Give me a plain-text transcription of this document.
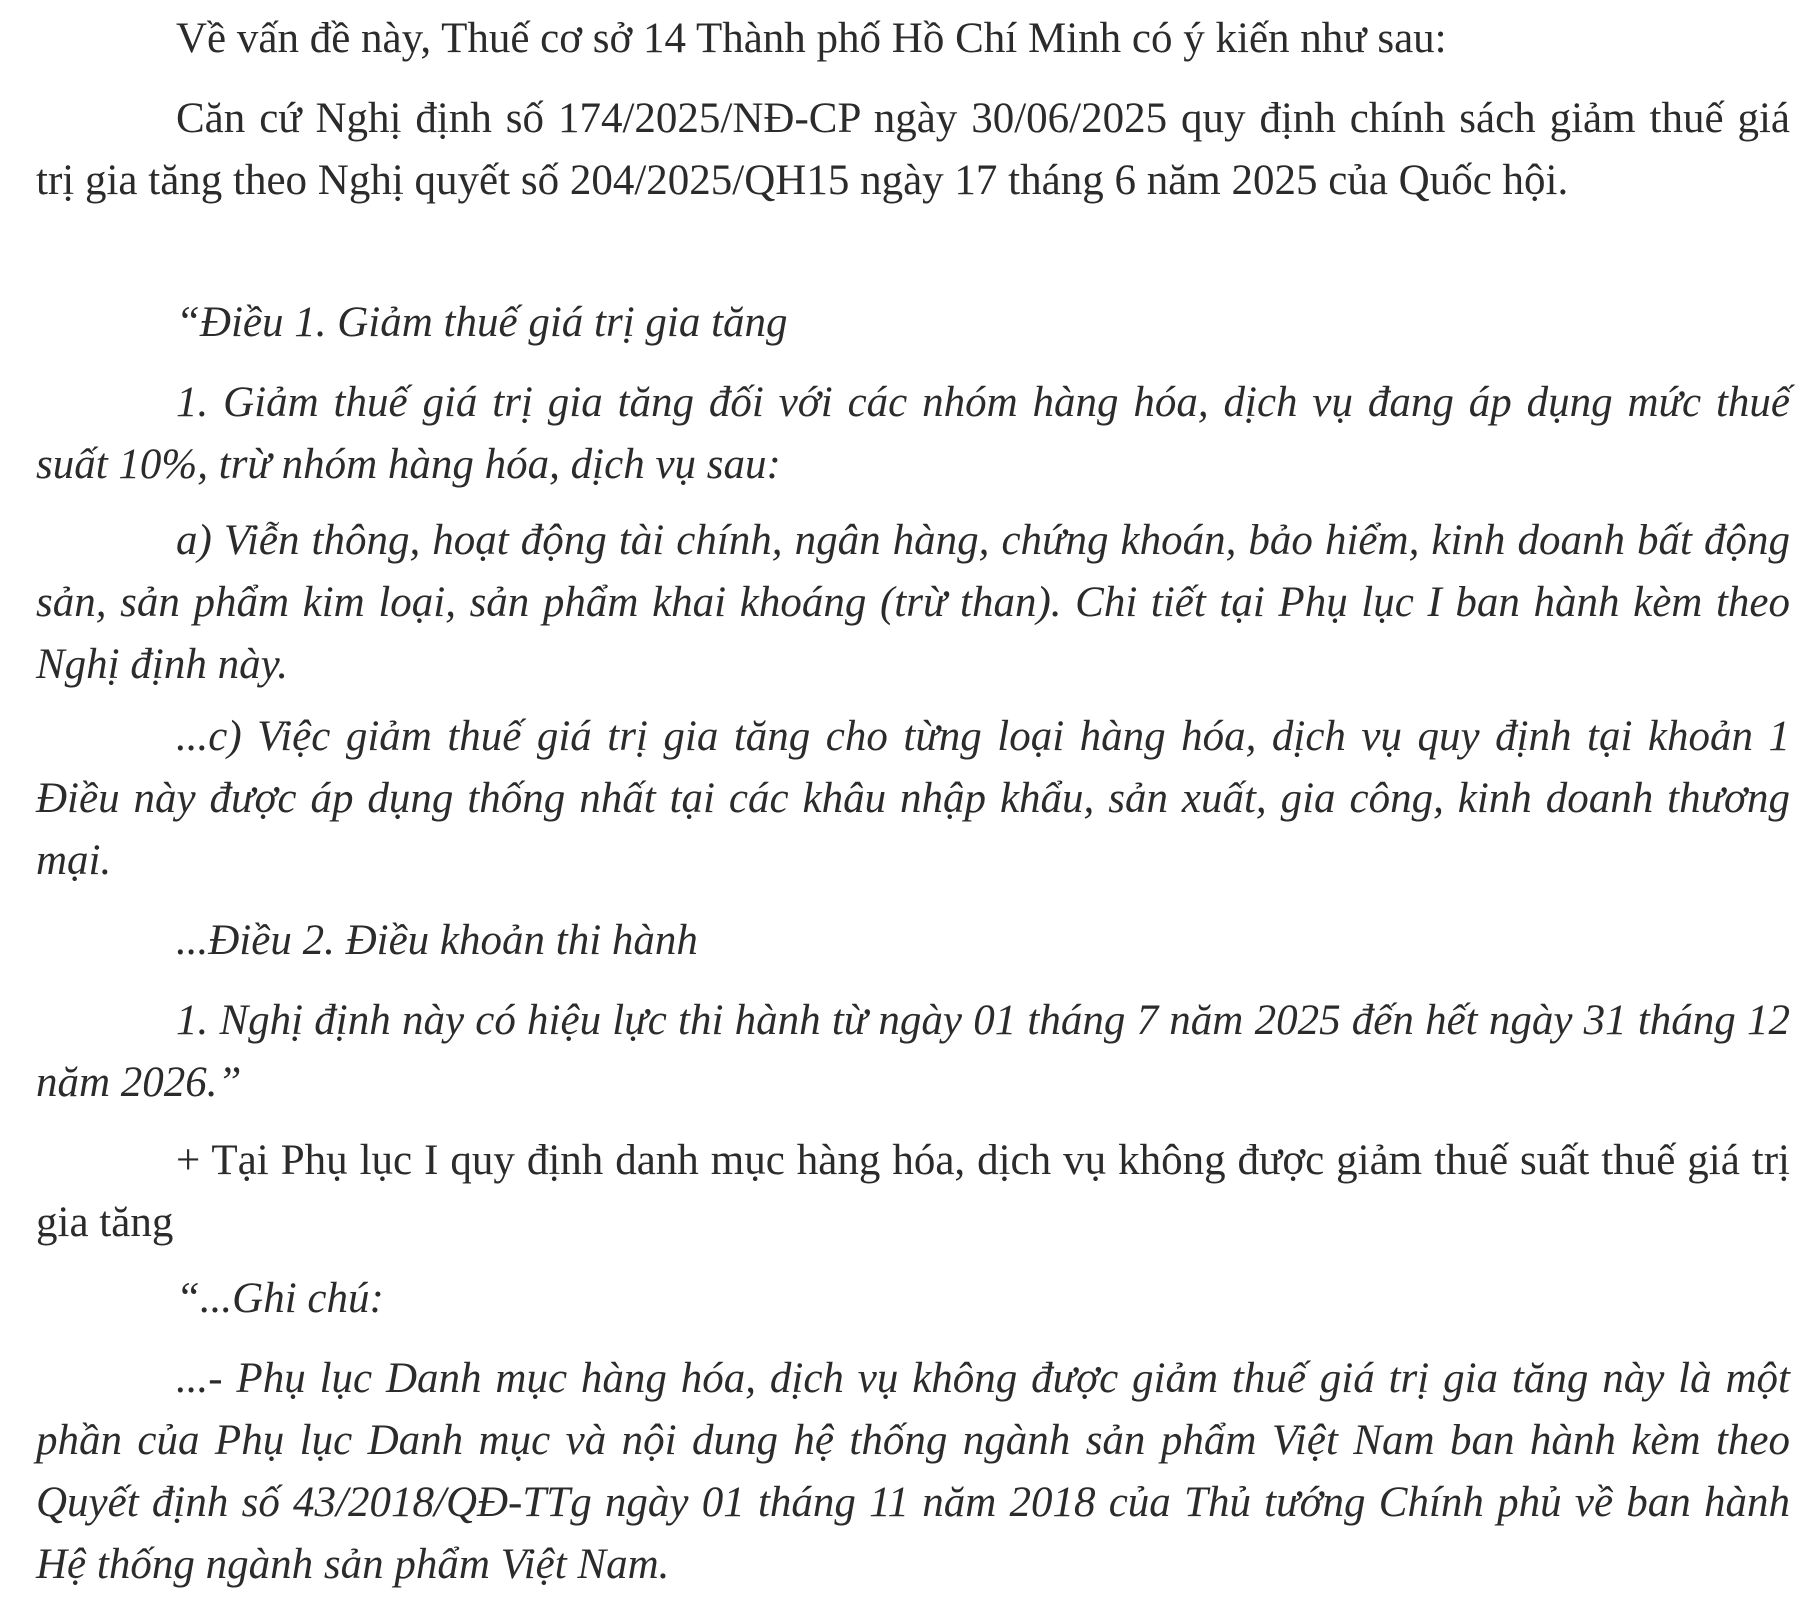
Về vấn đề này, Thuế cơ sở 14 Thành phố Hồ Chí Minh có ý kiến như sau:

Căn cứ Nghị định số 174/2025/NĐ-CP ngày 30/06/2025 quy định chính sách giảm thuế giá trị gia tăng theo Nghị quyết số 204/2025/QH15 ngày 17 tháng 6 năm 2025 của Quốc hội.

“Điều 1. Giảm thuế giá trị gia tăng

1. Giảm thuế giá trị gia tăng đối với các nhóm hàng hóa, dịch vụ đang áp dụng mức thuế suất 10%, trừ nhóm hàng hóa, dịch vụ sau:

a) Viễn thông, hoạt động tài chính, ngân hàng, chứng khoán, bảo hiểm, kinh doanh bất động sản, sản phẩm kim loại, sản phẩm khai khoáng (trừ than). Chi tiết tại Phụ lục I ban hành kèm theo Nghị định này.

...c) Việc giảm thuế giá trị gia tăng cho từng loại hàng hóa, dịch vụ quy định tại khoản 1 Điều này được áp dụng thống nhất tại các khâu nhập khẩu, sản xuất, gia công, kinh doanh thương mại.

...Điều 2. Điều khoản thi hành

1. Nghị định này có hiệu lực thi hành từ ngày 01 tháng 7 năm 2025 đến hết ngày 31 tháng 12 năm 2026.”

+ Tại Phụ lục I quy định danh mục hàng hóa, dịch vụ không được giảm thuế suất thuế giá trị gia tăng

“...Ghi chú:

...- Phụ lục Danh mục hàng hóa, dịch vụ không được giảm thuế giá trị gia tăng này là một phần của Phụ lục Danh mục và nội dung hệ thống ngành sản phẩm Việt Nam ban hành kèm theo Quyết định số 43/2018/QĐ-TTg ngày 01 tháng 11 năm 2018 của Thủ tướng Chính phủ về ban hành Hệ thống ngành sản phẩm Việt Nam.
